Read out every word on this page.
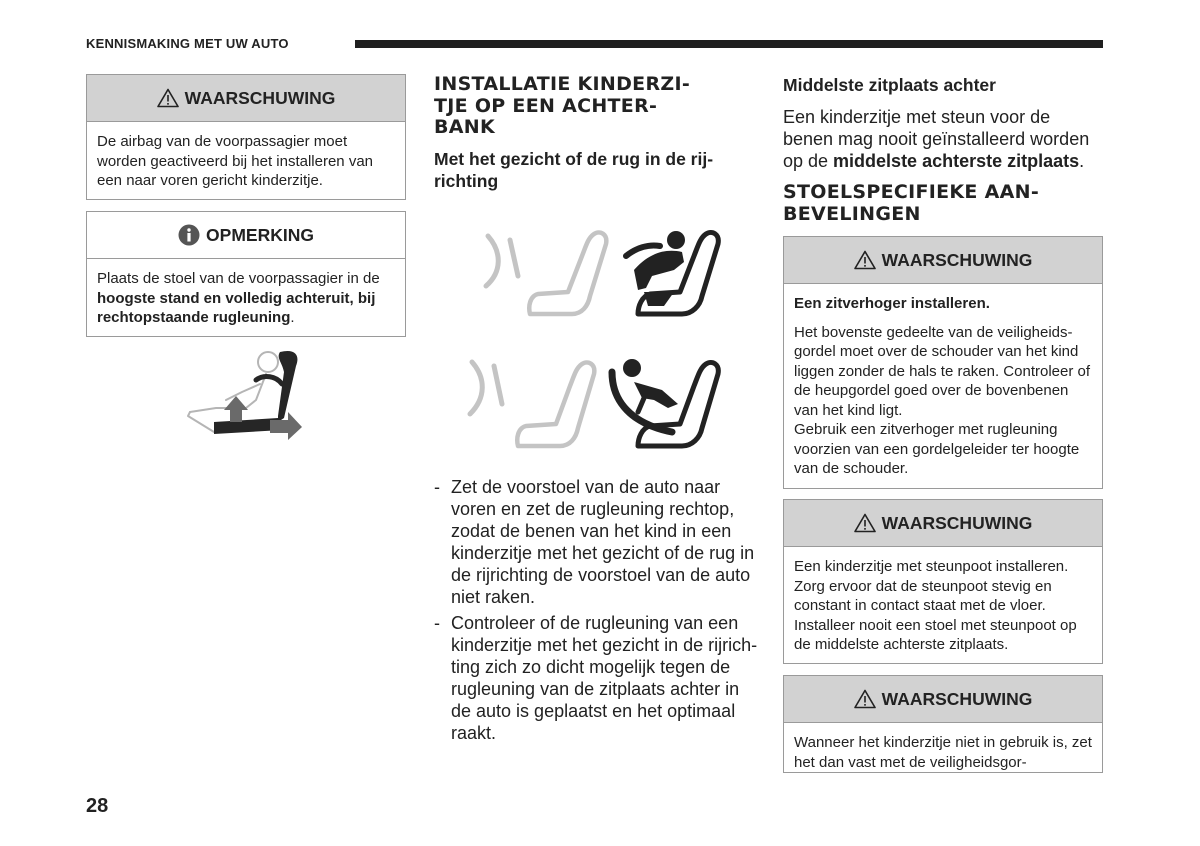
KENNISMAKING MET UW AUTO
WAARSCHUWING
De airbag van de voorpassagier moet worden geactiveerd bij het installeren van een naar voren gericht kinderzitje.
OPMERKING
Plaats de stoel van de voorpassagier in de hoogste stand en volledig achteruit, bij rechtopstaande rugleuning.
INSTALLATIE KINDERZI-
TJE OP EEN ACHTER-
BANK
Met het gezicht of de rug in de rij-
richting
- Zet de voorstoel van de auto naar voren en zet de rugleuning rechtop, zodat de benen van het kind in een kinderzitje met het gezicht of de rug in de rijrichting de voorstoel van de auto niet raken.
- Controleer of de rugleuning van een kinderzitje met het gezicht in de rijrich-ting zich zo dicht mogelijk tegen de rugleuning van de zitplaats achter in de auto is geplaatst en het optimaal raakt.
Middelste zitplaats achter
Een kinderzitje met steun voor de benen mag nooit geïnstalleerd worden op de middelste achterste zitplaats.
STOELSPECIFIEKE AAN-
BEVELINGEN
WAARSCHUWING

Een zitverhoger installeren.

Het bovenste gedeelte van de veiligheids-gordel moet over de schouder van het kind liggen zonder de hals te raken. Controleer of de heupgordel goed over de bovenbenen van het kind ligt.

Gebruik een zitverhoger met rugleuning voorzien van een gordelgeleider ter hoogte van de schouder.

WAARSCHUWING
Een kinderzitje met steunpoot installeren. Zorg ervoor dat de steunpoot stevig en constant in contact staat met de vloer. Installeer nooit een stoel met steunpoot op de middelste achterste zitplaats.
WAARSCHUWING
Wanneer het kinderzitje niet in gebruik is, zet het dan vast met de veiligheidsgor-
28
